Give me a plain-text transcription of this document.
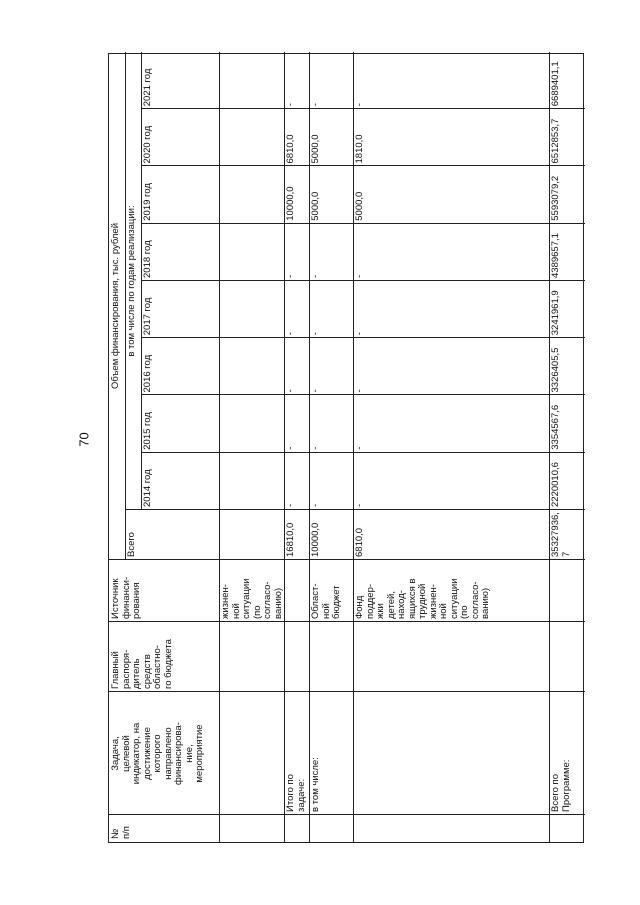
70
№
п/п
Задача,
целевой
индикатор, на
достижение
которого
направлено
финансирова-
ние,
мероприятие
Главный
распоря-
дитель
средств
областно-
го бюджета
Источник
финанси-
рования
Объем финансирования, тыс. рублей
Всего
в том числе по годам реализации:
2014 год
2015 год
2016 год
2017 год
2018 год
2019 год
2020 год
2021 год
жизнен-
ной
ситуации
(по
согласо-
ванию)
Итого по
задаче:
16810,0
-
-
-
-
-
10000,0
6810,0
-
в том числе:
Област-
ной
бюджет
10000,0
-
-
-
-
-
5000,0
5000,0
-
Фонд
поддер-
жки
детей,
наход-
ящихся в
трудной
жизнен-
ной
ситуации
(по
согласо-
ванию)
6810,0
-
-
-
-
-
5000,0
1810,0
-
Всего по
Программе:
35327936,
7
2220010,6
3354567,6
3326405,5
3241961,9
4389657,1
5593079,2
6512853,7
6689401,1
